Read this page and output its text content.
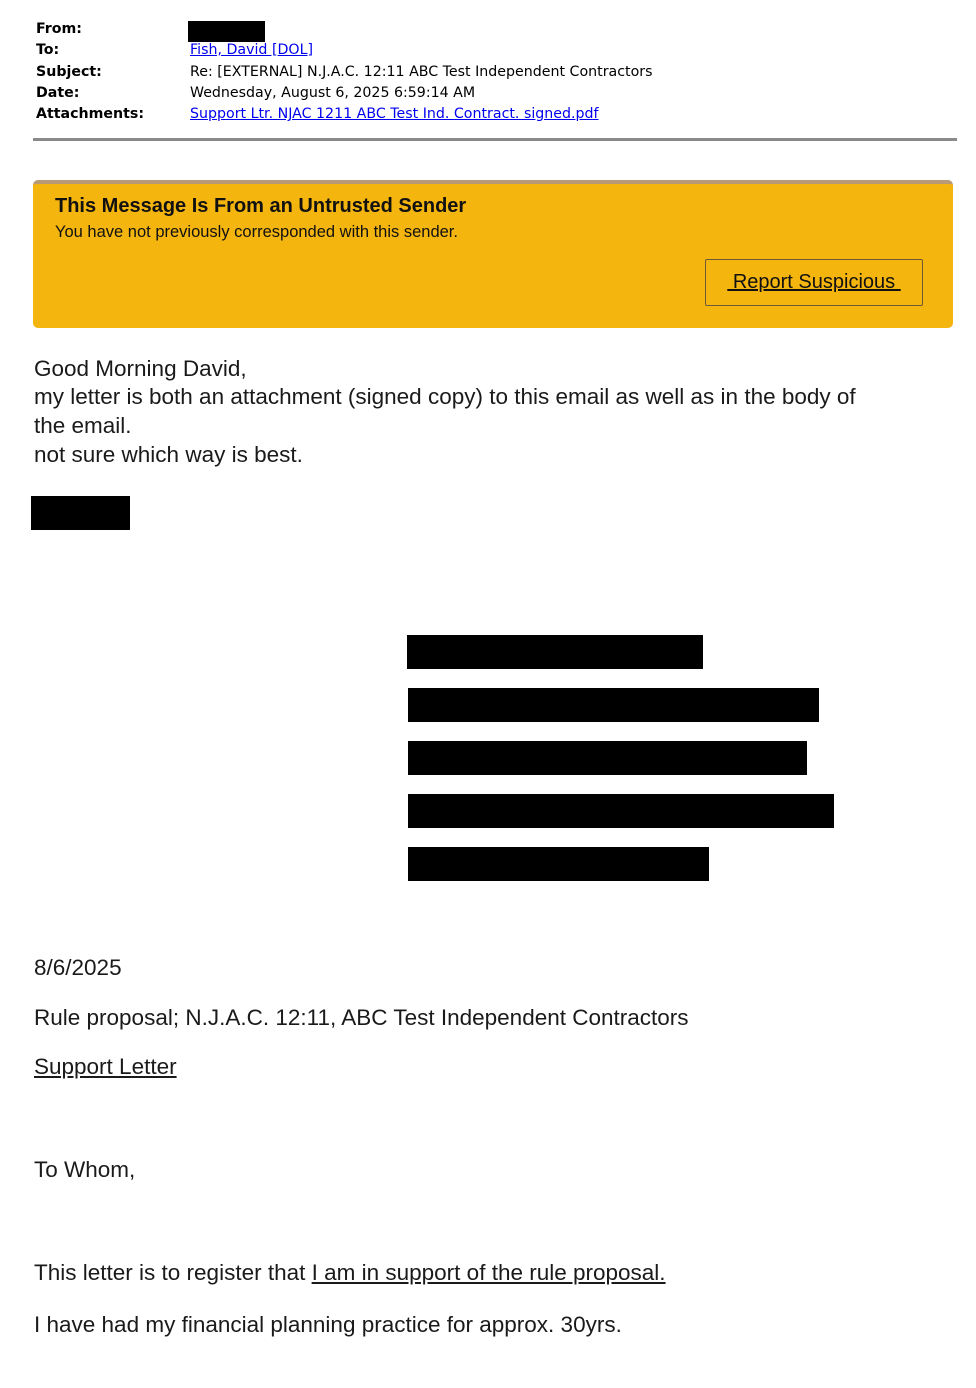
From:
To:	Fish, David [DOL]
Subject:	Re: [EXTERNAL] N.J.A.C. 12:11 ABC Test Independent Contractors
Date:	Wednesday, August 6, 2025 6:59:14 AM
Attachments:	Support Ltr. NJAC 1211 ABC Test Ind. Contract. signed.pdf
This Message Is From an Untrusted Sender
You have not previously corresponded with this sender.
Report Suspicious
Good Morning David,
my letter is both an attachment (signed copy) to this email as well as in the body of
the email.
not sure which way is best.
8/6/2025
Rule proposal; N.J.A.C. 12:11, ABC Test Independent Contractors
Support Letter
To Whom,
This letter is to register that I am in support of the rule proposal.
I have had my financial planning practice for approx. 30yrs.
